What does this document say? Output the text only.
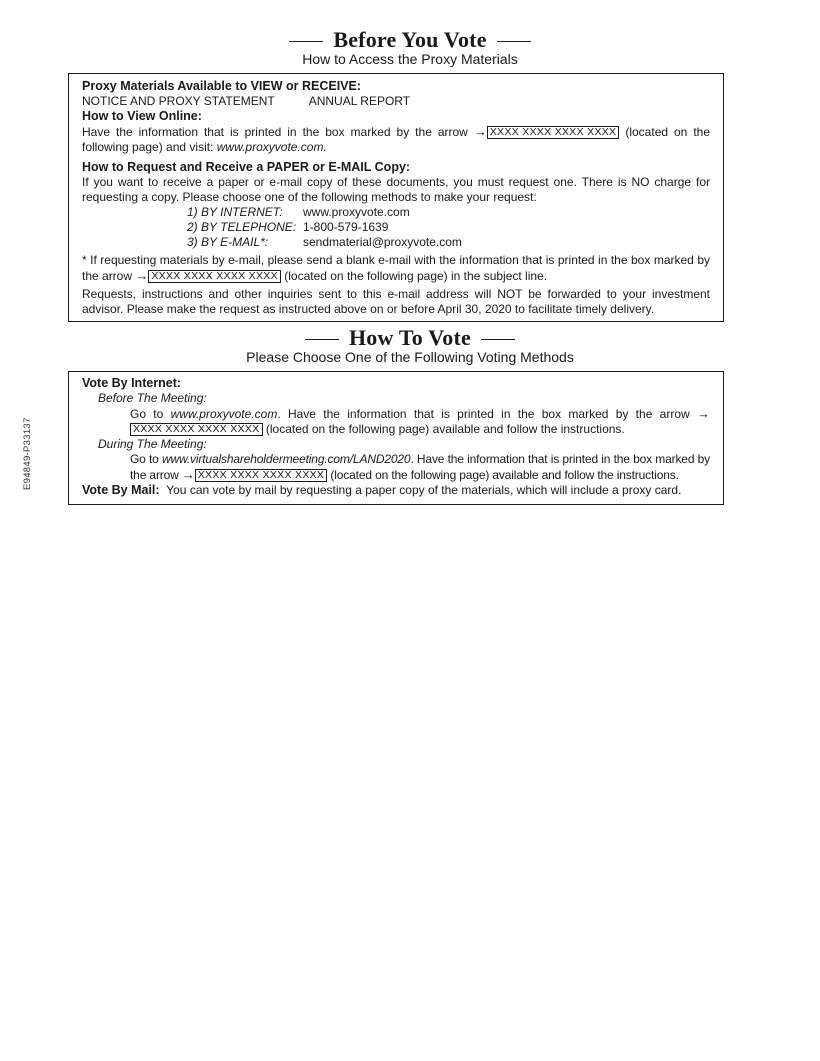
Before You Vote
How to Access the Proxy Materials
Proxy Materials Available to VIEW or RECEIVE:
NOTICE AND PROXY STATEMENT	ANNUAL REPORT
How to View Online:
Have the information that is printed in the box marked by the arrow → XXXX XXXX XXXX XXXX (located on the following page) and visit: www.proxyvote.com.
How to Request and Receive a PAPER or E-MAIL Copy:
If you want to receive a paper or e-mail copy of these documents, you must request one. There is NO charge for requesting a copy. Please choose one of the following methods to make your request:
1) BY INTERNET:	www.proxyvote.com
2) BY TELEPHONE: 1-800-579-1639
3) BY E-MAIL*:	sendmaterial@proxyvote.com
* If requesting materials by e-mail, please send a blank e-mail with the information that is printed in the box marked by the arrow → XXXX XXXX XXXX XXXX (located on the following page) in the subject line.
Requests, instructions and other inquiries sent to this e-mail address will NOT be forwarded to your investment advisor. Please make the request as instructed above on or before April 30, 2020 to facilitate timely delivery.
How To Vote
Please Choose One of the Following Voting Methods
Vote By Internet:
Before The Meeting:
Go to www.proxyvote.com. Have the information that is printed in the box marked by the arrow →XXXX XXXX XXXX XXXX (located on the following page) available and follow the instructions.
During The Meeting:
Go to www.virtualshareholdermeeting.com/LAND2020. Have the information that is printed in the box marked by the arrow → XXXX XXXX XXXX XXXX (located on the following page) available and follow the instructions.
Vote By Mail: You can vote by mail by requesting a paper copy of the materials, which will include a proxy card.
E94849-P33137
